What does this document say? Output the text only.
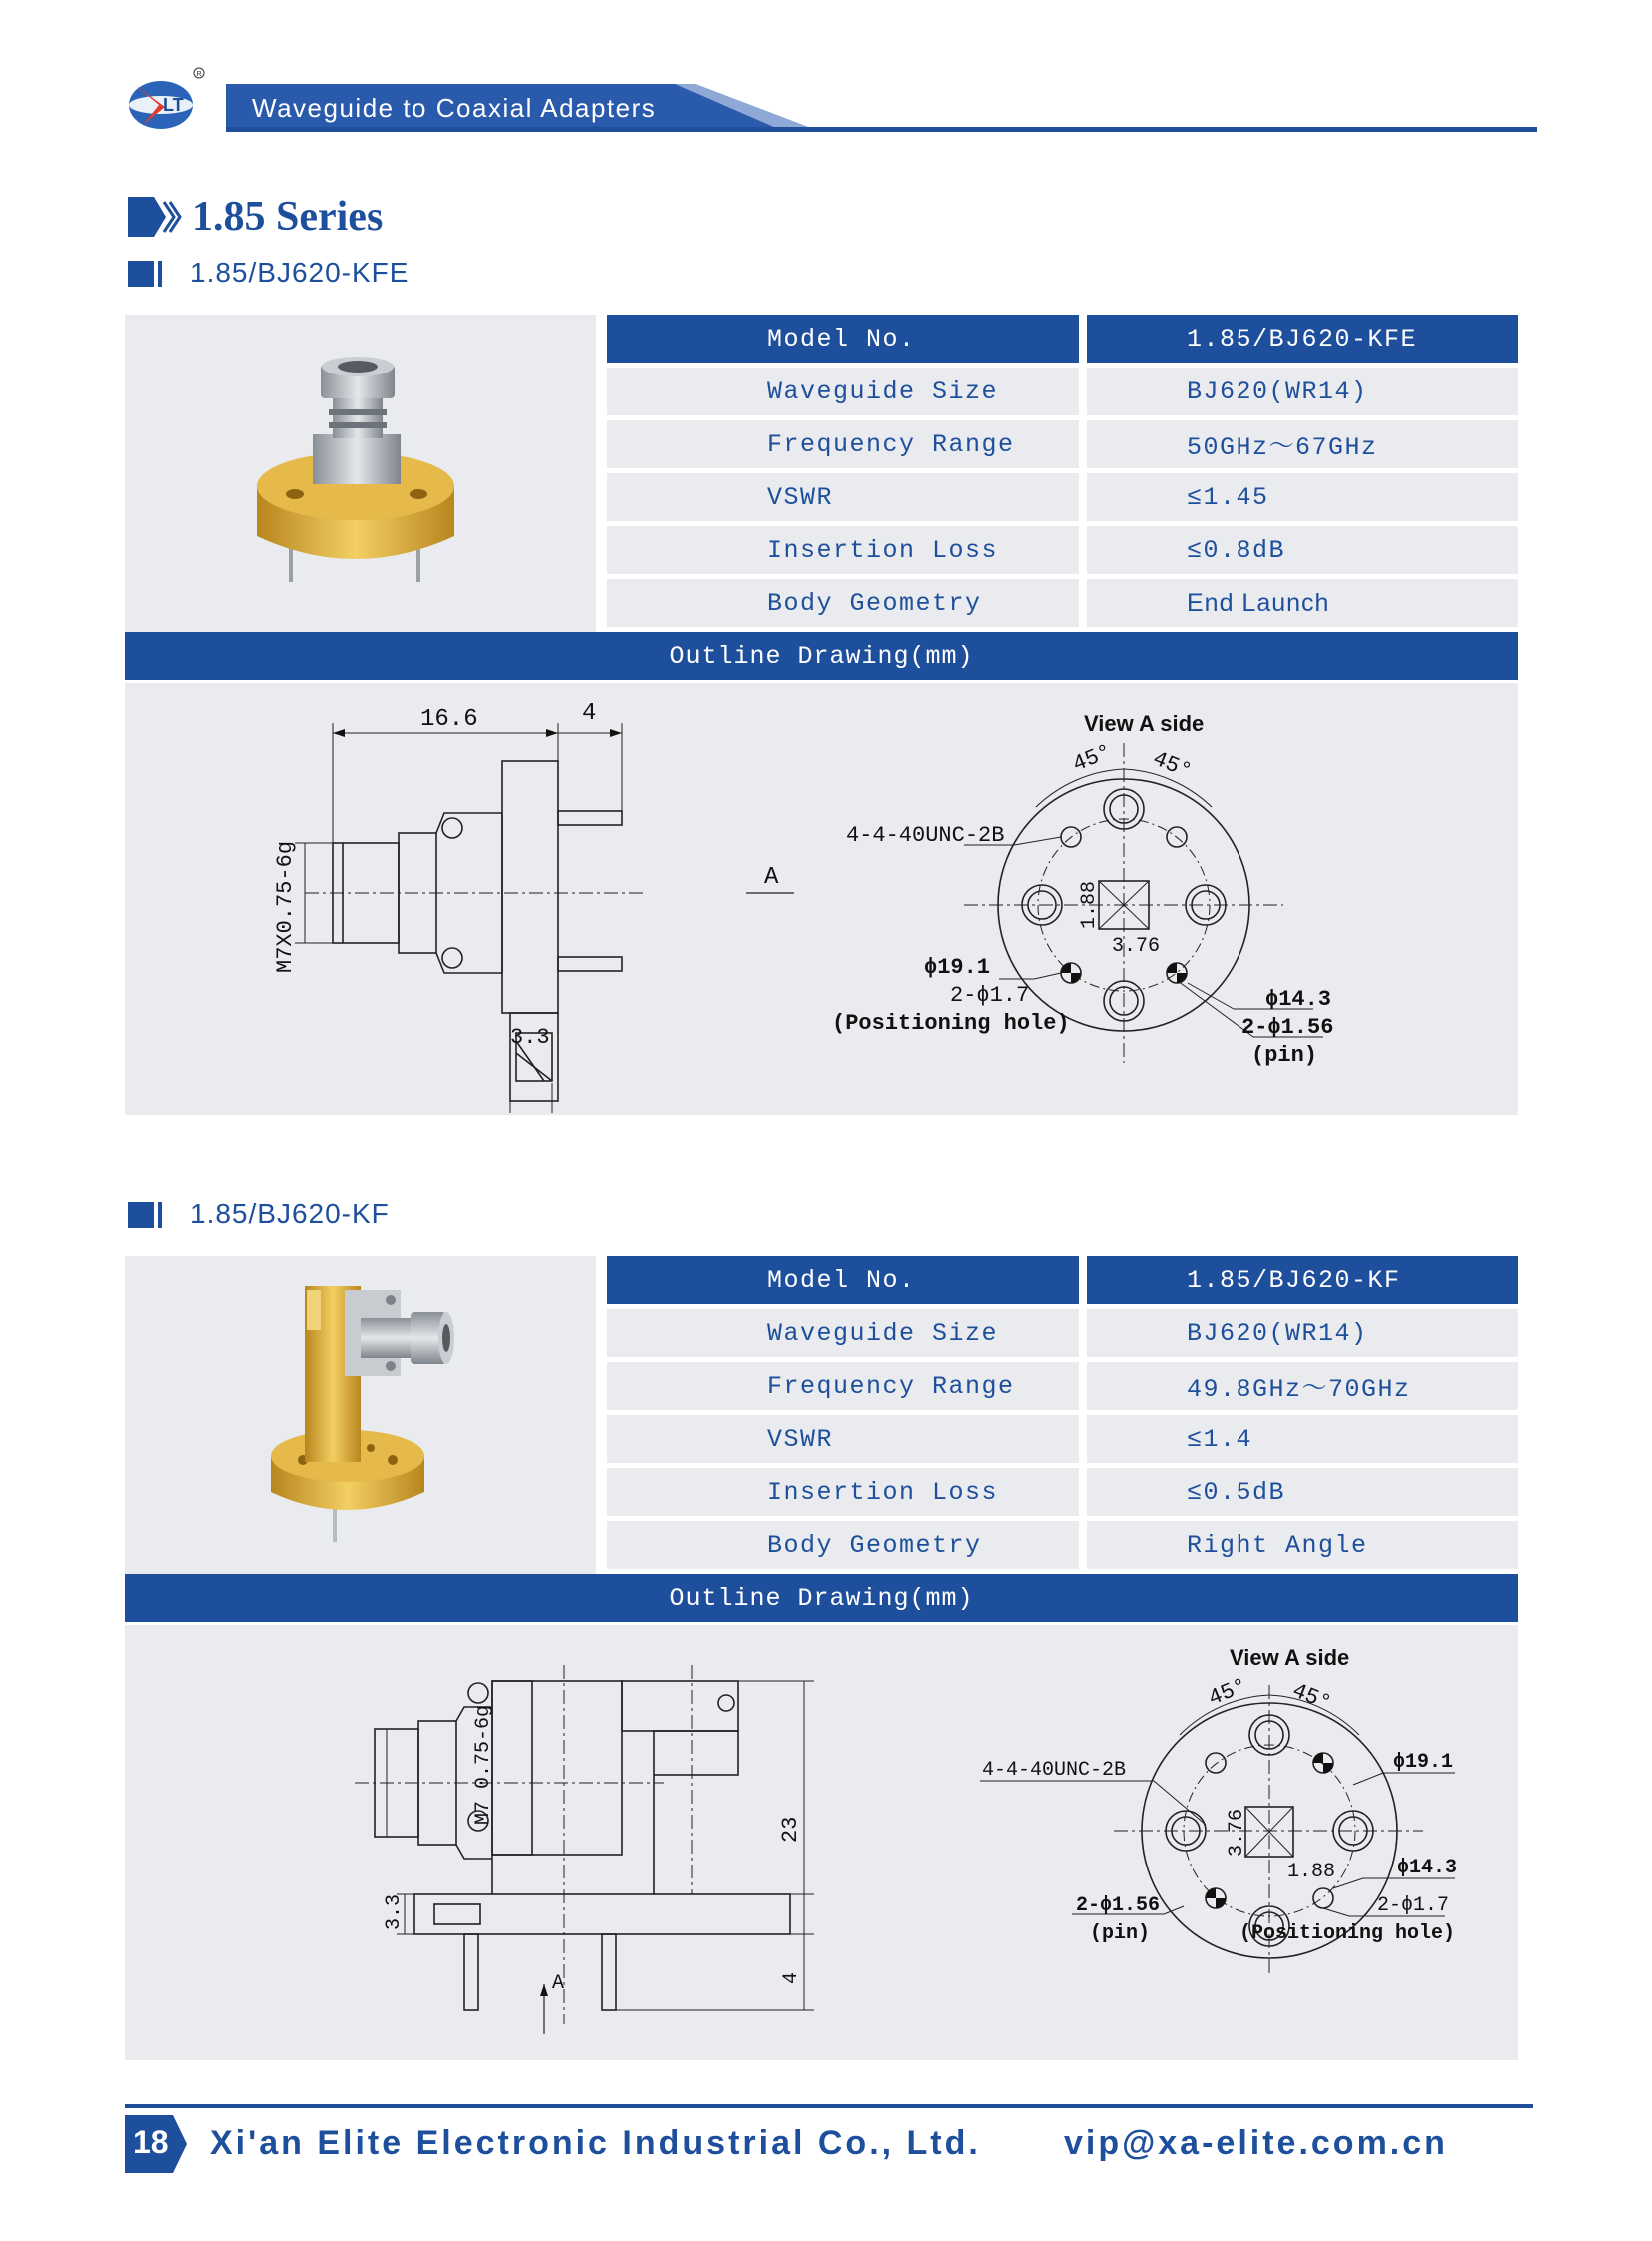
LT
R
Waveguide to Coaxial Adapters
1.85 Series
1.85/BJ620-KFE
Model No.	1.85/BJ620-KFE
Waveguide Size	BJ620(WR14)
Frequency Range	50GHz～67GHz
VSWR	≤1.45
Insertion Loss	≤0.8dB
Body Geometry	End Launch
Outline Drawing(mm)
16.6	4
M7X0.75-6g
3.3
A
View A side
45° 45°
4-4-40UNC-2B
1.88
3.76
ϕ19.1
2-ϕ1.7
(Positioning hole)
ϕ14.3
2-ϕ1.56
(pin)
1.85/BJ620-KF
Model No.	1.85/BJ620-KF
Waveguide Size	BJ620(WR14)
Frequency Range	49.8GHz～70GHz
VSWR	≤1.4
Insertion Loss	≤0.5dB
Body Geometry	Right Angle
Outline Drawing(mm)
M7 0.75-6g
23
3.3
4
A
View A side
45° 45°
4-4-40UNC-2B	ϕ19.1
3.76
1.88	ϕ14.3
2-ϕ1.56
(pin)
2-ϕ1.7
(Positioning hole)
18 Xi'an Elite Electronic Industrial Co., Ltd. vip@xa-elite.com.cn
